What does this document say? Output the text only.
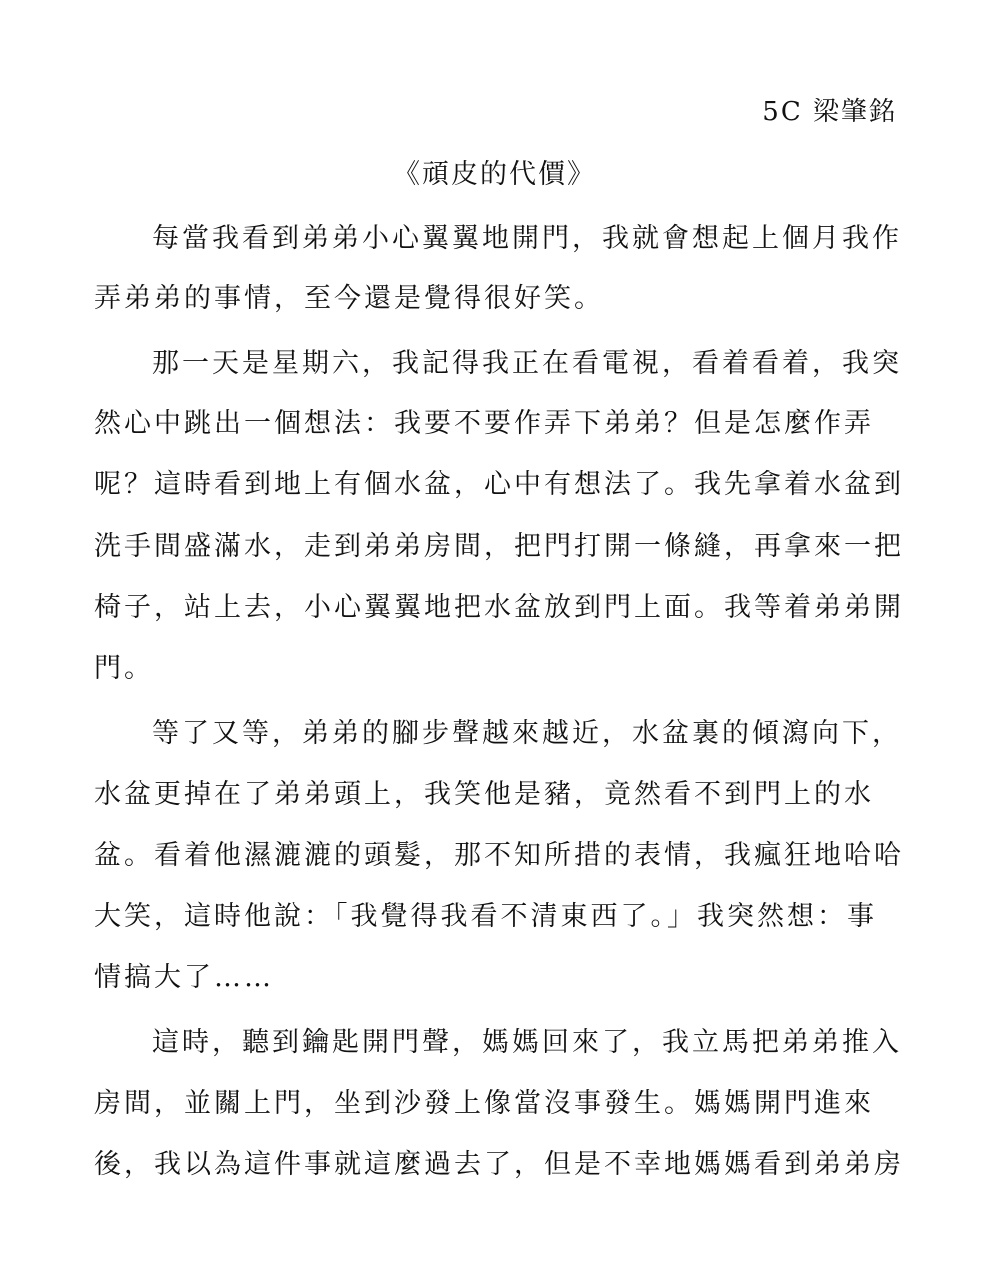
5C 梁肇銘
《頑皮的代價》
每當我看到弟弟小心翼翼地開門，我就會想起上個月我作
弄弟弟的事情，至今還是覺得很好笑。
那一天是星期六，我記得我正在看電視，看着看着，我突
然心中跳出一個想法：我要不要作弄下弟弟？但是怎麼作弄
呢？這時看到地上有個水盆，心中有想法了。我先拿着水盆到
洗手間盛滿水，走到弟弟房間，把門打開一條縫，再拿來一把
椅子，站上去，小心翼翼地把水盆放到門上面。我等着弟弟開
門。
等了又等，弟弟的腳步聲越來越近，水盆裏的傾瀉向下，
水盆更掉在了弟弟頭上，我笑他是豬，竟然看不到門上的水
盆。看着他濕漉漉的頭髮，那不知所措的表情，我瘋狂地哈哈
大笑，這時他說：「我覺得我看不清東西了。」我突然想：事
情搞大了……
這時，聽到鑰匙開門聲，媽媽回來了，我立馬把弟弟推入
房間，並關上門，坐到沙發上像當沒事發生。媽媽開門進來
後，我以為這件事就這麼過去了，但是不幸地媽媽看到弟弟房
